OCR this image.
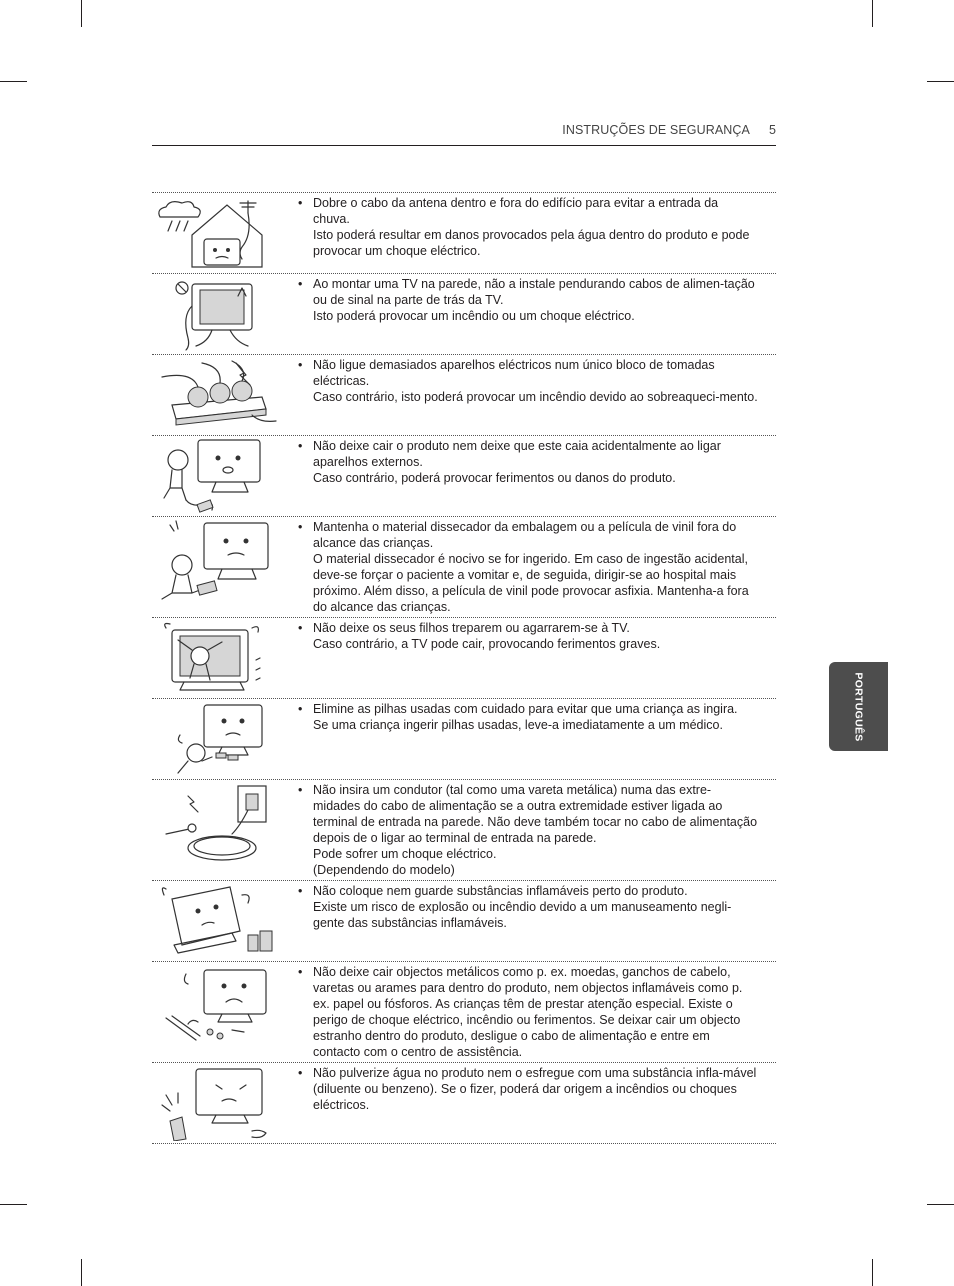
INSTRUÇÕES DE SEGURANÇA 5
PORTUGUÊS
• Dobre o cabo da antena dentro e fora do edifício para evitar a entrada da chuva.

Isto poderá resultar em danos provocados pela água dentro do produto e pode provocar um choque eléctrico.

• Ao montar uma TV na parede, não a instale pendurando cabos de alimen-tação ou de sinal na parte de trás da TV.

Isto poderá provocar um incêndio ou um choque eléctrico.

• Não ligue demasiados aparelhos eléctricos num único bloco de tomadas eléctricas.

Caso contrário, isto poderá provocar um incêndio devido ao sobreaqueci-mento.

• Não deixe cair o produto nem deixe que este caia acidentalmente ao ligar aparelhos externos.

Caso contrário, poderá provocar ferimentos ou danos do produto.

• Mantenha o material dissecador da embalagem ou a película de vinil fora do alcance das crianças.

O material dissecador é nocivo se for ingerido. Em caso de ingestão acidental, deve-se forçar o paciente a vomitar e, de seguida, dirigir-se ao hospital mais próximo. Além disso, a película de vinil pode provocar asfixia. Mantenha-a fora do alcance das crianças.

• Não deixe os seus filhos treparem ou agarrarem-se à TV.

Caso contrário, a TV pode cair, provocando ferimentos graves.

• Elimine as pilhas usadas com cuidado para evitar que uma criança as ingira.

Se uma criança ingerir pilhas usadas, leve-a imediatamente a um médico.

• Não insira um condutor (tal como uma vareta metálica) numa das extre-midades do cabo de alimentação se a outra extremidade estiver ligada ao terminal de entrada na parede. Não deve também tocar no cabo de alimentação depois de o ligar ao terminal de entrada na parede.

Pode sofrer um choque eléctrico.

(Dependendo do modelo)

• Não coloque nem guarde substâncias inflamáveis perto do produto.

Existe um risco de explosão ou incêndio devido a um manuseamento negli-gente das substâncias inflamáveis.

• Não deixe cair objectos metálicos como p. ex. moedas, ganchos de cabelo, varetas ou arames para dentro do produto, nem objectos inflamáveis como p. ex. papel ou fósforos. As crianças têm de prestar atenção especial. Existe o perigo de choque eléctrico, incêndio ou ferimentos. Se deixar cair um objecto estranho dentro do produto, desligue o cabo de alimentação e entre em contacto com o centro de assistência.

• Não pulverize água no produto nem o esfregue com uma substância infla-mável (diluente ou benzeno). Se o fizer, poderá dar origem a incêndios ou choques eléctricos.
